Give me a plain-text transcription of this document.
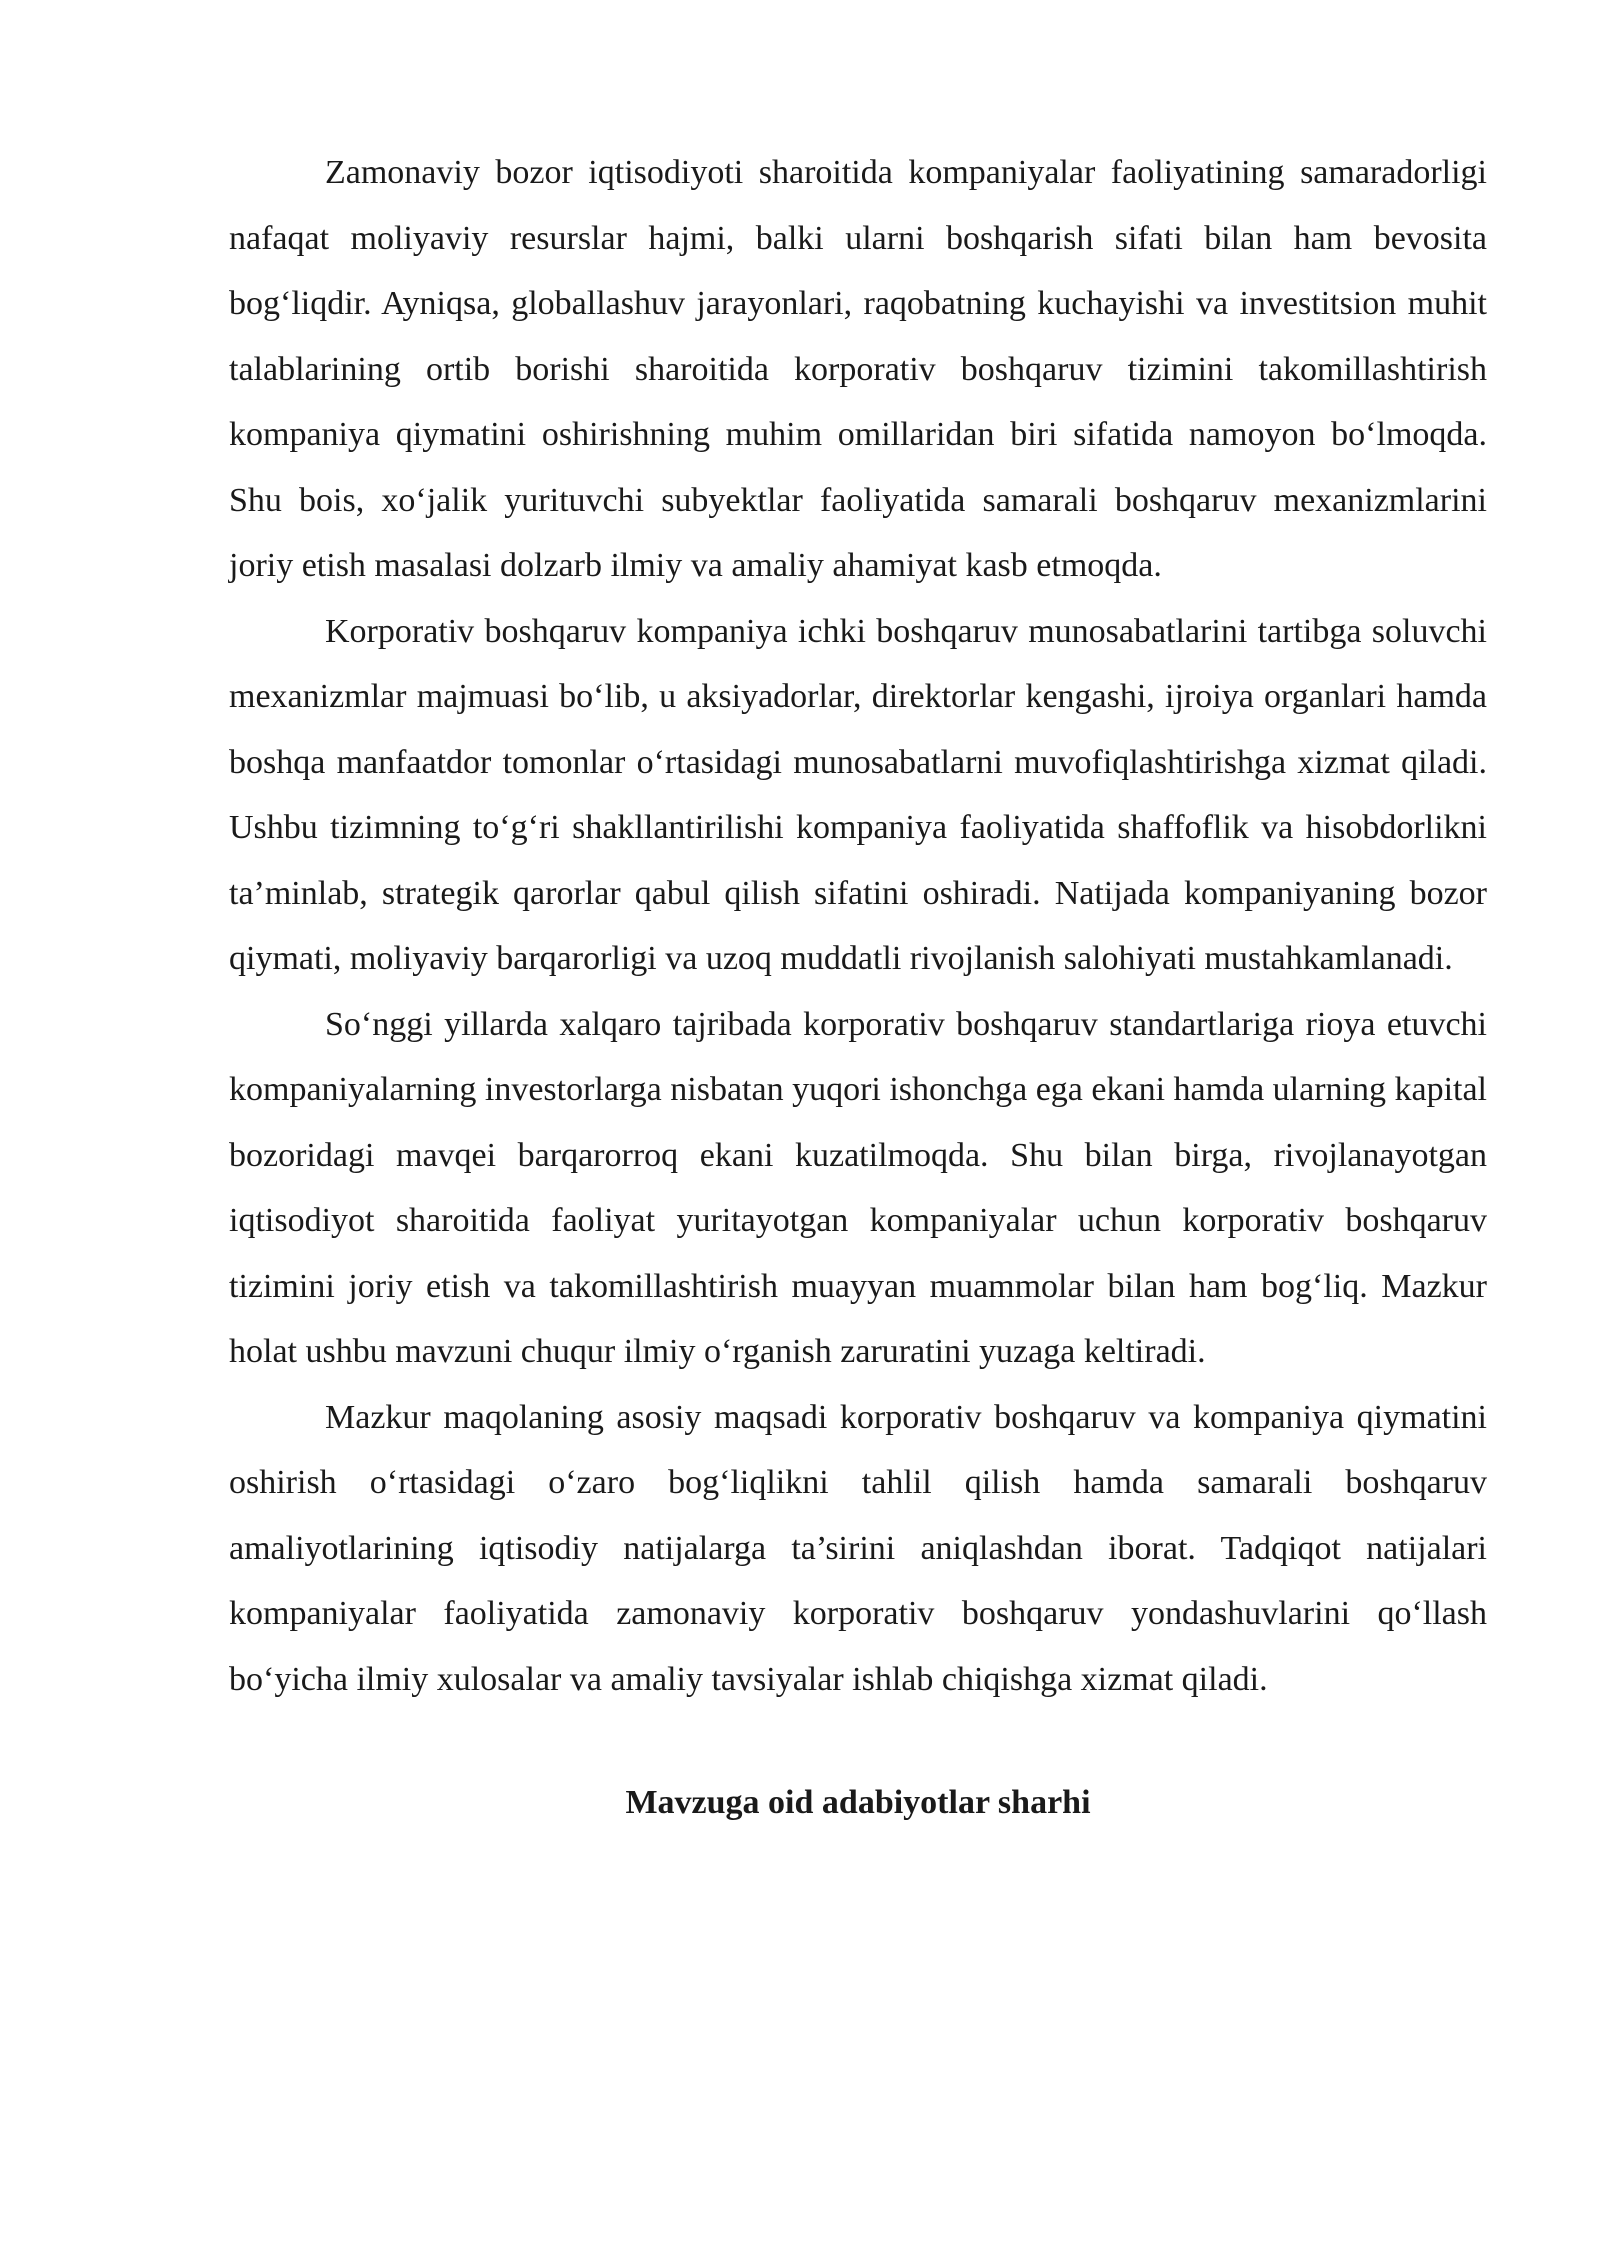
Zamonaviy bozor iqtisodiyoti sharoitida kompaniyalar faoliyatining samaradorligi nafaqat moliyaviy resurslar hajmi, balki ularni boshqarish sifati bilan ham bevosita bog‘liqdir. Ayniqsa, globallashuv jarayonlari, raqobatning kuchayishi va investitsion muhit talablarining ortib borishi sharoitida korporativ boshqaruv tizimini takomillashtirish kompaniya qiymatini oshirishning muhim omillaridan biri sifatida namoyon bo‘lmoqda. Shu bois, xo‘jalik yurituvchi subyektlar faoliyatida samarali boshqaruv mexanizmlarini joriy etish masalasi dolzarb ilmiy va amaliy ahamiyat kasb etmoqda.

Korporativ boshqaruv kompaniya ichki boshqaruv munosabatlarini tartibga soluvchi mexanizmlar majmuasi bo‘lib, u aksiyadorlar, direktorlar kengashi, ijroiya organlari hamda boshqa manfaatdor tomonlar o‘rtasidagi munosabatlarni muvofiqlashtirishga xizmat qiladi. Ushbu tizimning to‘g‘ri shakllantirilishi kompaniya faoliyatida shaffoflik va hisobdorlikni ta’minlab, strategik qarorlar qabul qilish sifatini oshiradi. Natijada kompaniyaning bozor qiymati, moliyaviy barqarorligi va uzoq muddatli rivojlanish salohiyati mustahkamlanadi.

So‘nggi yillarda xalqaro tajribada korporativ boshqaruv standartlariga rioya etuvchi kompaniyalarning investorlarga nisbatan yuqori ishonchga ega ekani hamda ularning kapital bozoridagi mavqei barqarorroq ekani kuzatilmoqda. Shu bilan birga, rivojlanayotgan iqtisodiyot sharoitida faoliyat yuritayotgan kompaniyalar uchun korporativ boshqaruv tizimini joriy etish va takomillashtirish muayyan muammolar bilan ham bog‘liq. Mazkur holat ushbu mavzuni chuqur ilmiy o‘rganish zaruratini yuzaga keltiradi.

Mazkur maqolaning asosiy maqsadi korporativ boshqaruv va kompaniya qiymatini oshirish o‘rtasidagi o‘zaro bog‘liqlikni tahlil qilish hamda samarali boshqaruv amaliyotlarining iqtisodiy natijalarga ta’sirini aniqlashdan iborat. Tadqiqot natijalari kompaniyalar faoliyatida zamonaviy korporativ boshqaruv yondashuvlarini qo‘llash bo‘yicha ilmiy xulosalar va amaliy tavsiyalar ishlab chiqishga xizmat qiladi.

Mavzuga oid adabiyotlar sharhi
